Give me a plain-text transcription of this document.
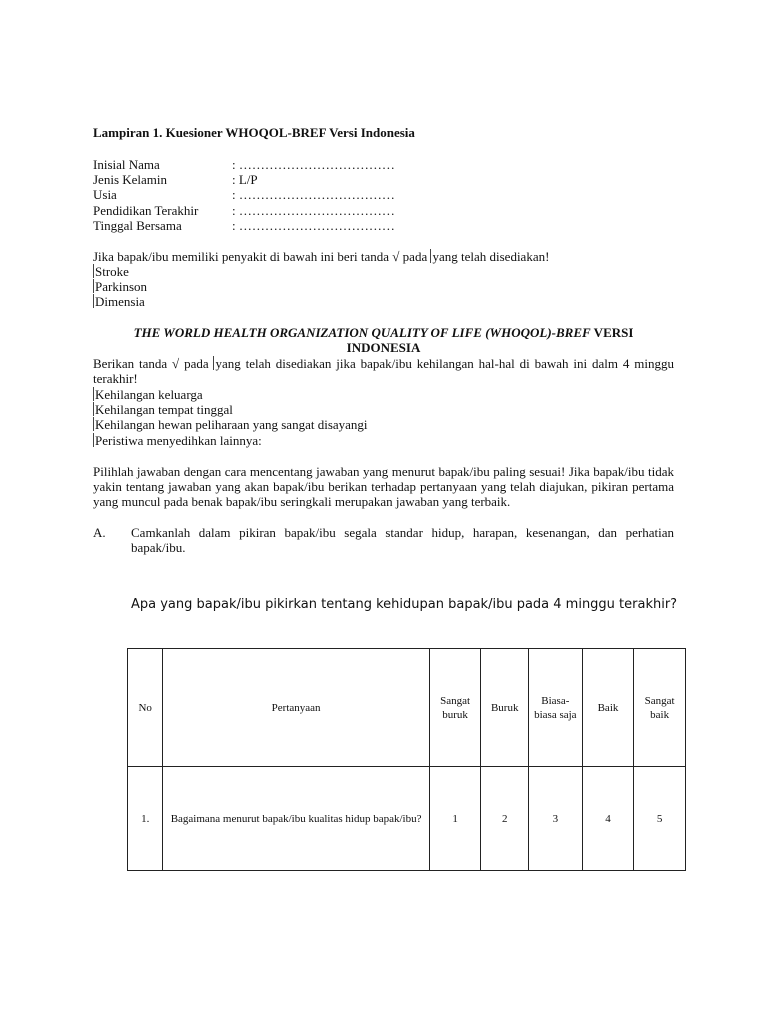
Lampiran 1. Kuesioner WHOQOL-BREF Versi Indonesia
Inisial Nama	: ………………………………
Jenis Kelamin	: L/P
Usia	: ………………………………
Pendidikan Terakhir	: ………………………………
Tinggal Bersama	: ………………………………
Jika bapak/ibu memiliki penyakit di bawah ini beri tanda √ pada yang telah disediakan!
Stroke
Parkinson
Dimensia
THE WORLD HEALTH ORGANIZATION QUALITY OF LIFE (WHOQOL)-BREF VERSI
INDONESIA
Berikan tanda √ pada yang telah disediakan jika bapak/ibu kehilangan hal-hal di bawah ini dalm 4 minggu terakhir!
Kehilangan keluarga
Kehilangan tempat tinggal
Kehilangan hewan peliharaan yang sangat disayangi
Peristiwa menyedihkan lainnya:
Pilihlah jawaban dengan cara mencentang jawaban yang menurut bapak/ibu paling sesuai! Jika bapak/ibu tidak yakin tentang jawaban yang akan bapak/ibu berikan terhadap pertanyaan yang telah diajukan, pikiran pertama yang muncul pada benak bapak/ibu seringkali merupakan jawaban yang terbaik.
A. Camkanlah dalam pikiran bapak/ibu segala standar hidup, harapan, kesenangan, dan perhatian bapak/ibu.
Apa yang bapak/ibu pikirkan tentang kehidupan bapak/ibu pada 4 minggu terakhir?
No	Pertanyaan	Sangat buruk	Buruk	Biasa-biasa saja	Baik	Sangat baik
1.	Bagaimana menurut bapak/ibu kualitas hidup bapak/ibu?	1	2	3	4	5
